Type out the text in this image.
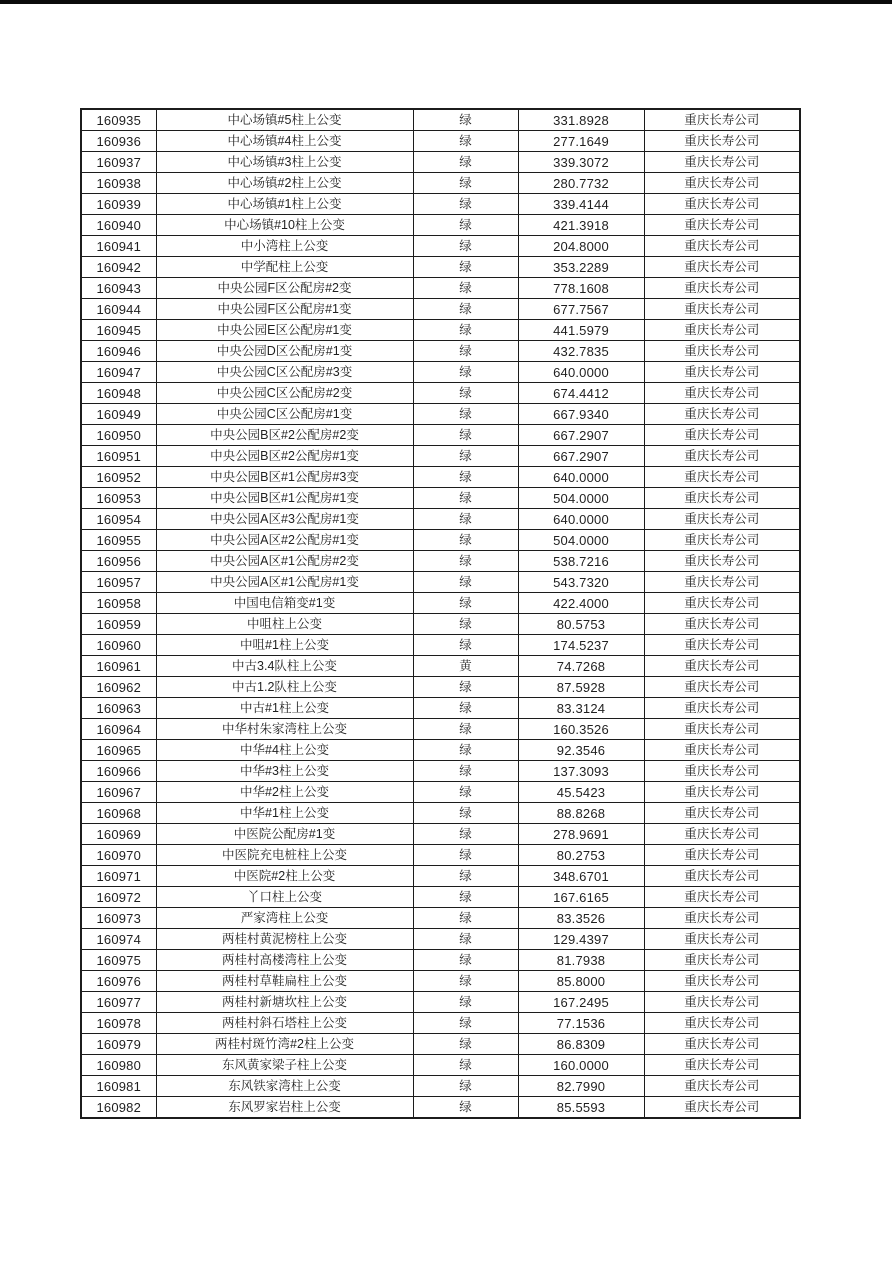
160935	中心场镇#5柱上公变	绿	331.8928	重庆长寿公司
160936	中心场镇#4柱上公变	绿	277.1649	重庆长寿公司
160937	中心场镇#3柱上公变	绿	339.3072	重庆长寿公司
160938	中心场镇#2柱上公变	绿	280.7732	重庆长寿公司
160939	中心场镇#1柱上公变	绿	339.4144	重庆长寿公司
160940	中心场镇#10柱上公变	绿	421.3918	重庆长寿公司
160941	中小湾柱上公变	绿	204.8000	重庆长寿公司
160942	中学配柱上公变	绿	353.2289	重庆长寿公司
160943	中央公园F区公配房#2变	绿	778.1608	重庆长寿公司
160944	中央公园F区公配房#1变	绿	677.7567	重庆长寿公司
160945	中央公园E区公配房#1变	绿	441.5979	重庆长寿公司
160946	中央公园D区公配房#1变	绿	432.7835	重庆长寿公司
160947	中央公园C区公配房#3变	绿	640.0000	重庆长寿公司
160948	中央公园C区公配房#2变	绿	674.4412	重庆长寿公司
160949	中央公园C区公配房#1变	绿	667.9340	重庆长寿公司
160950	中央公园B区#2公配房#2变	绿	667.2907	重庆长寿公司
160951	中央公园B区#2公配房#1变	绿	667.2907	重庆长寿公司
160952	中央公园B区#1公配房#3变	绿	640.0000	重庆长寿公司
160953	中央公园B区#1公配房#1变	绿	504.0000	重庆长寿公司
160954	中央公园A区#3公配房#1变	绿	640.0000	重庆长寿公司
160955	中央公园A区#2公配房#1变	绿	504.0000	重庆长寿公司
160956	中央公园A区#1公配房#2变	绿	538.7216	重庆长寿公司
160957	中央公园A区#1公配房#1变	绿	543.7320	重庆长寿公司
160958	中国电信箱变#1变	绿	422.4000	重庆长寿公司
160959	中咀柱上公变	绿	80.5753	重庆长寿公司
160960	中咀#1柱上公变	绿	174.5237	重庆长寿公司
160961	中古3.4队柱上公变	黄	74.7268	重庆长寿公司
160962	中古1.2队柱上公变	绿	87.5928	重庆长寿公司
160963	中古#1柱上公变	绿	83.3124	重庆长寿公司
160964	中华村朱家湾柱上公变	绿	160.3526	重庆长寿公司
160965	中华#4柱上公变	绿	92.3546	重庆长寿公司
160966	中华#3柱上公变	绿	137.3093	重庆长寿公司
160967	中华#2柱上公变	绿	45.5423	重庆长寿公司
160968	中华#1柱上公变	绿	88.8268	重庆长寿公司
160969	中医院公配房#1变	绿	278.9691	重庆长寿公司
160970	中医院充电桩柱上公变	绿	80.2753	重庆长寿公司
160971	中医院#2柱上公变	绿	348.6701	重庆长寿公司
160972	丫口柱上公变	绿	167.6165	重庆长寿公司
160973	严家湾柱上公变	绿	83.3526	重庆长寿公司
160974	两桂村黄泥榜柱上公变	绿	129.4397	重庆长寿公司
160975	两桂村高楼湾柱上公变	绿	81.7938	重庆长寿公司
160976	两桂村草鞋扁柱上公变	绿	85.8000	重庆长寿公司
160977	两桂村新塘坎柱上公变	绿	167.2495	重庆长寿公司
160978	两桂村斜石塔柱上公变	绿	77.1536	重庆长寿公司
160979	两桂村斑竹湾#2柱上公变	绿	86.8309	重庆长寿公司
160980	东风黄家梁子柱上公变	绿	160.0000	重庆长寿公司
160981	东风铁家湾柱上公变	绿	82.7990	重庆长寿公司
160982	东风罗家岩柱上公变	绿	85.5593	重庆长寿公司
